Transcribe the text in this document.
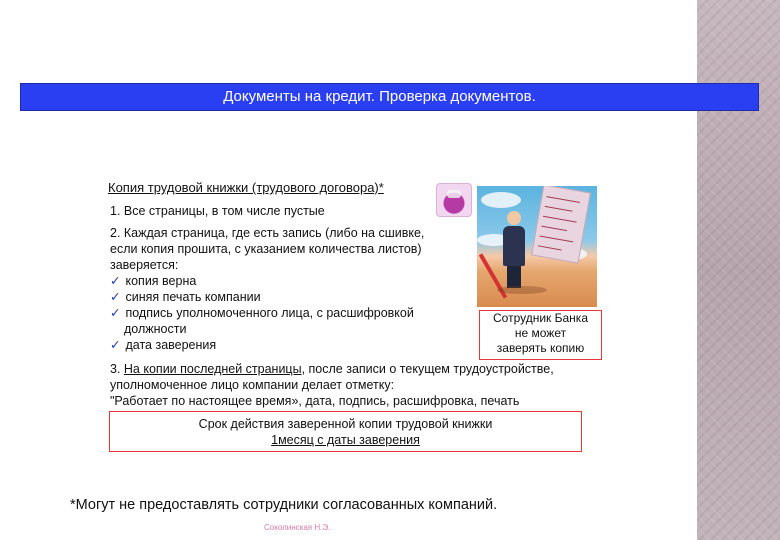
Документы на кредит. Проверка документов.
Копия трудовой книжки (трудового договора)*
1. Все страницы, в том числе пустые
2. Каждая страница, где есть запись (либо на сшивке,
если копия прошита, с указанием количества листов)
заверяется:
✓ копия верна
✓ синяя печать компании
✓ подпись уполномоченного лица, с расшифровкой
должности
✓ дата заверения
3. На копии последней страницы, после записи о текущем трудоустройстве,
уполномоченное лицо компании делает отметку:
"Работает по настоящее время», дата, подпись, расшифровка, печать
Сотрудник Банка
не может
заверять копию
Срок действия заверенной копии трудовой книжки
1месяц с даты заверения
*Могут не предоставлять сотрудники согласованных компаний.
Соколинская Н.Э.
